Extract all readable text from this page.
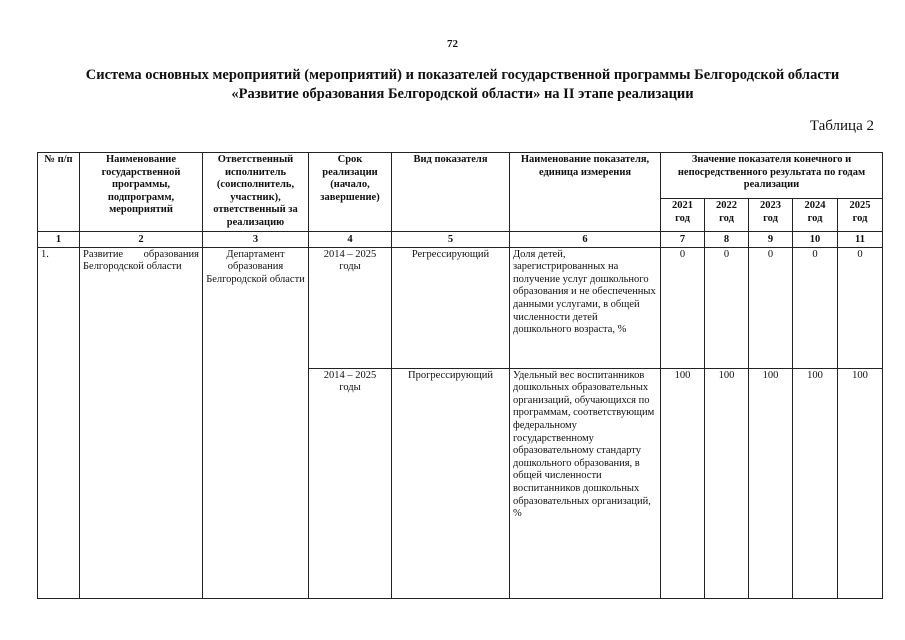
72
Система основных мероприятий (мероприятий) и показателей государственной программы Белгородской области
«Развитие образования Белгородской области» на II этапе реализации
Таблица 2
№ п/п	Наименование государственной программы, подпрограмм, мероприятий	Ответственный исполнитель (соисполнитель, участник), ответственный за реализацию	Срок реализации (начало, завершение)	Вид показателя	Наименование показателя, единица измерения	Значение показателя конечного и непосредственного результата по годам реализации				
						2021 год	2022 год	2023 год	2024 год	2025 год
1	2	3	4	5	6	7	8	9	10	11
1.	Развитие образования Белгородской области	Департамент образования Белгородской области	2014 – 2025 годы	Регрессирующий	Доля детей, зарегистрированных на получение услуг дошкольного образования и не обеспеченных данными услугами, в общей численности детей дошкольного возраста, %	0	0	0	0	0
			2014 – 2025 годы	Прогрессирующий	Удельный вес воспитанников дошкольных образовательных организаций, обучающихся по программам, соответствующим федеральному государственному образовательному стандарту дошкольного образования, в общей численности воспитанников дошкольных образовательных организаций, %	100	100	100	100	100
